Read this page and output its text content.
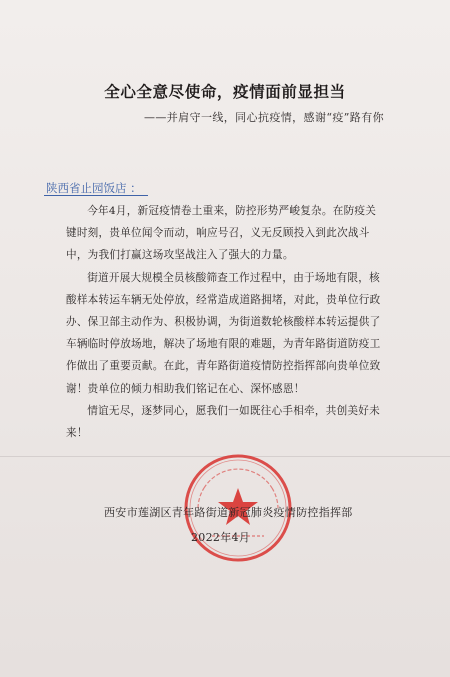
全心全意尽使命，疫情面前显担当

——并肩守一线，同心抗疫情，感谢“疫”路有你

陕西省止园饭店 ：

今年4月，新冠疫情卷土重来，防控形势严峻复杂。在防疫关键时刻，贵单位闻令而动，响应号召，义无反顾投入到此次战斗中，为我们打赢这场攻坚战注入了强大的力量。

街道开展大规模全员核酸筛查工作过程中，由于场地有限，核酸样本转运车辆无处停放，经常造成道路拥堵，对此，贵单位行政办、保卫部主动作为、积极协调，为街道数轮核酸样本转运提供了车辆临时停放场地，解决了场地有限的难题，为青年路街道防疫工作做出了重要贡献。在此，青年路街道疫情防控指挥部向贵单位致谢！贵单位的倾力相助我们铭记在心、深怀感恩！

情谊无尽，逐梦同心，愿我们一如既往心手相牵，共创美好未来！

西安市莲湖区青年路街道新冠肺炎疫情防控指挥部
2022年4月
